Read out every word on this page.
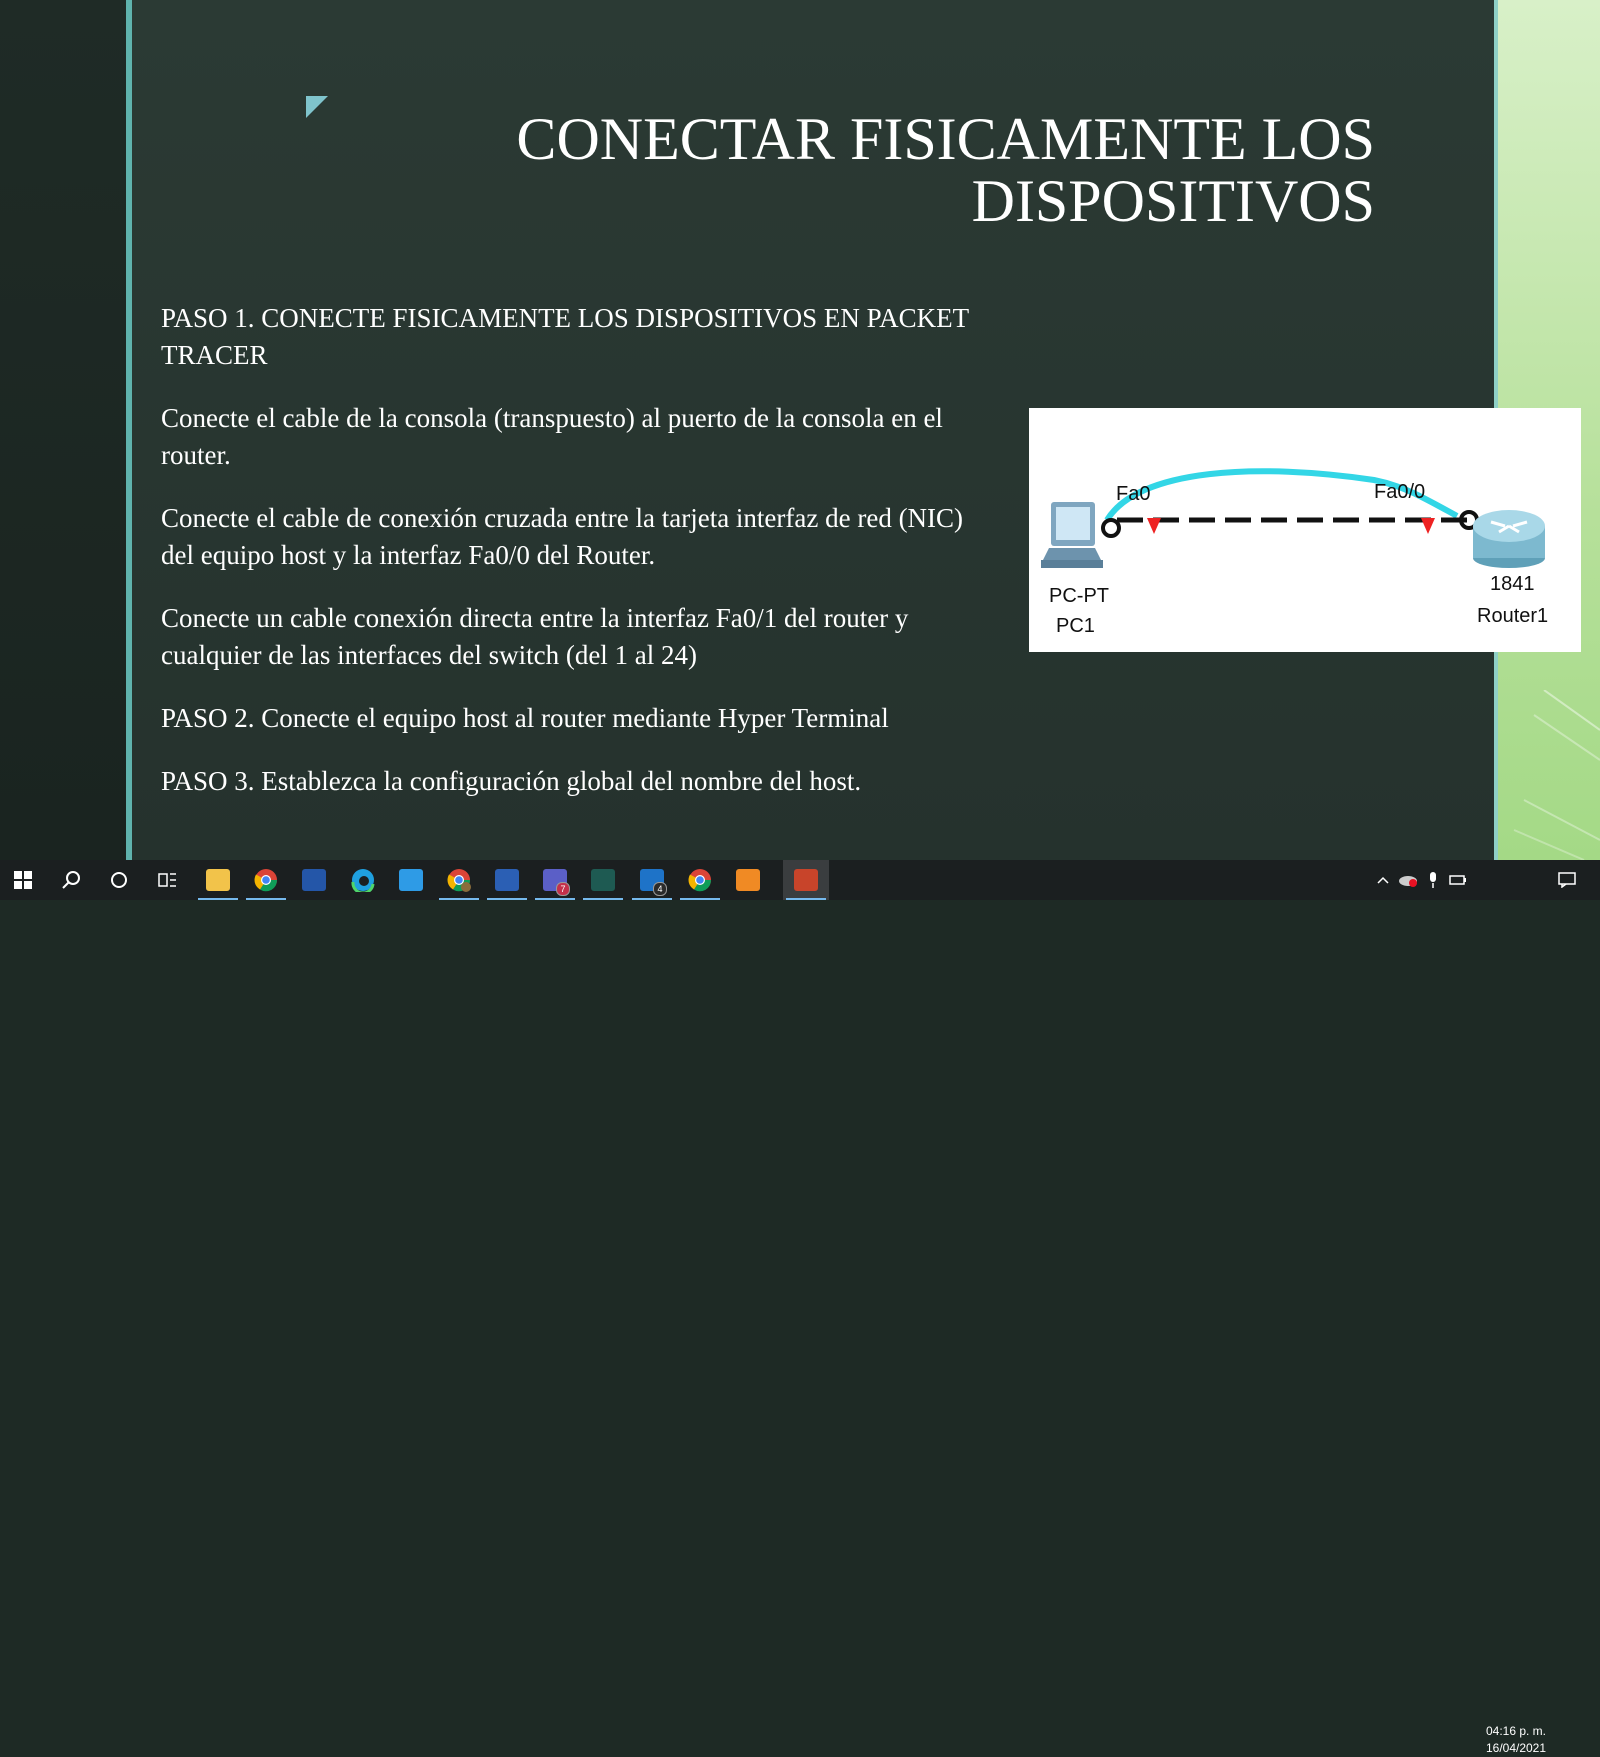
CONECTAR FISICAMENTE LOS
DISPOSITIVOS

PASO 1. CONECTE FISICAMENTE LOS DISPOSITIVOS EN PACKET TRACER

Conecte el cable de la consola (transpuesto) al puerto de la consola en el router.

Conecte el cable de conexión cruzada entre la tarjeta interfaz de red (NIC) del equipo host y la interfaz Fa0/0 del Router.

Conecte un cable conexión directa entre la interfaz Fa0/1 del router y cualquier de las interfaces del switch (del 1 al 24)

PASO 2. Conecte el equipo host al router mediante Hyper Terminal

PASO 3. Establezca la configuración global del nombre del host.

Fa0	Fa0/0
PC-PT
PC1
1841
Router1
7	4
04:16 p. m.
16/04/2021
